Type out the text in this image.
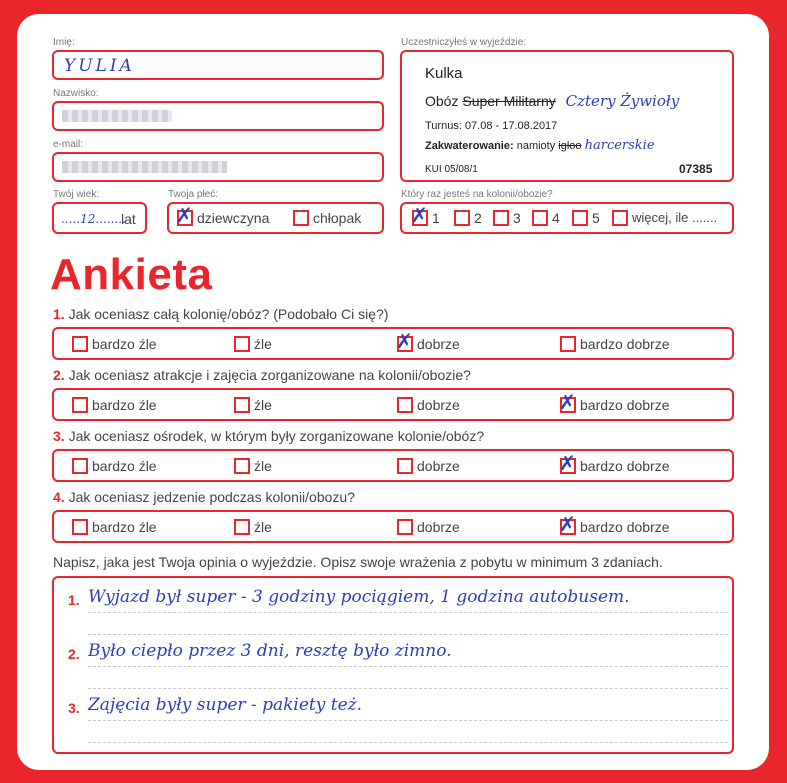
Imię:
YULIA
Nazwisko:
e-mail:
Twój wiek:
.....12........
lat
Twoja płeć:
✗ dziewczyna	chłopak
Uczestniczyłeś w wyjeździe:
Kulka
Obóz Super Militarny Cztery Żywioły
Turnus: 07.08 - 17.08.2017
Zakwaterowanie: namioty igloo harcerskie
KUI 05/08/1	07385
Który raz jesteś na kolonii/obozie?
✗ 1	2	3	4	5	więcej, ile .......
Ankieta
1. Jak oceniasz całą kolonię/obóz? (Podobało Ci się?)
bardzo źle	źle	✗ dobrze	bardzo dobrze
2. Jak oceniasz atrakcje i zajęcia zorganizowane na kolonii/obozie?
bardzo źle	źle	dobrze	✗ bardzo dobrze
3. Jak oceniasz ośrodek, w którym były zorganizowane kolonie/obóz?
bardzo źle	źle	dobrze	✗ bardzo dobrze
4. Jak oceniasz jedzenie podczas kolonii/obozu?
bardzo źle	źle	dobrze	✗ bardzo dobrze
Napisz, jaka jest Twoja opinia o wyjeździe. Opisz swoje wrażenia z pobytu w minimum 3 zdaniach.
1. Wyjazd był super - 3 godziny pociągiem, 1 godzina autobusem.
2. Było ciepło przez 3 dni, resztę było zimno.
3. Zajęcia były super - pakiety też.
